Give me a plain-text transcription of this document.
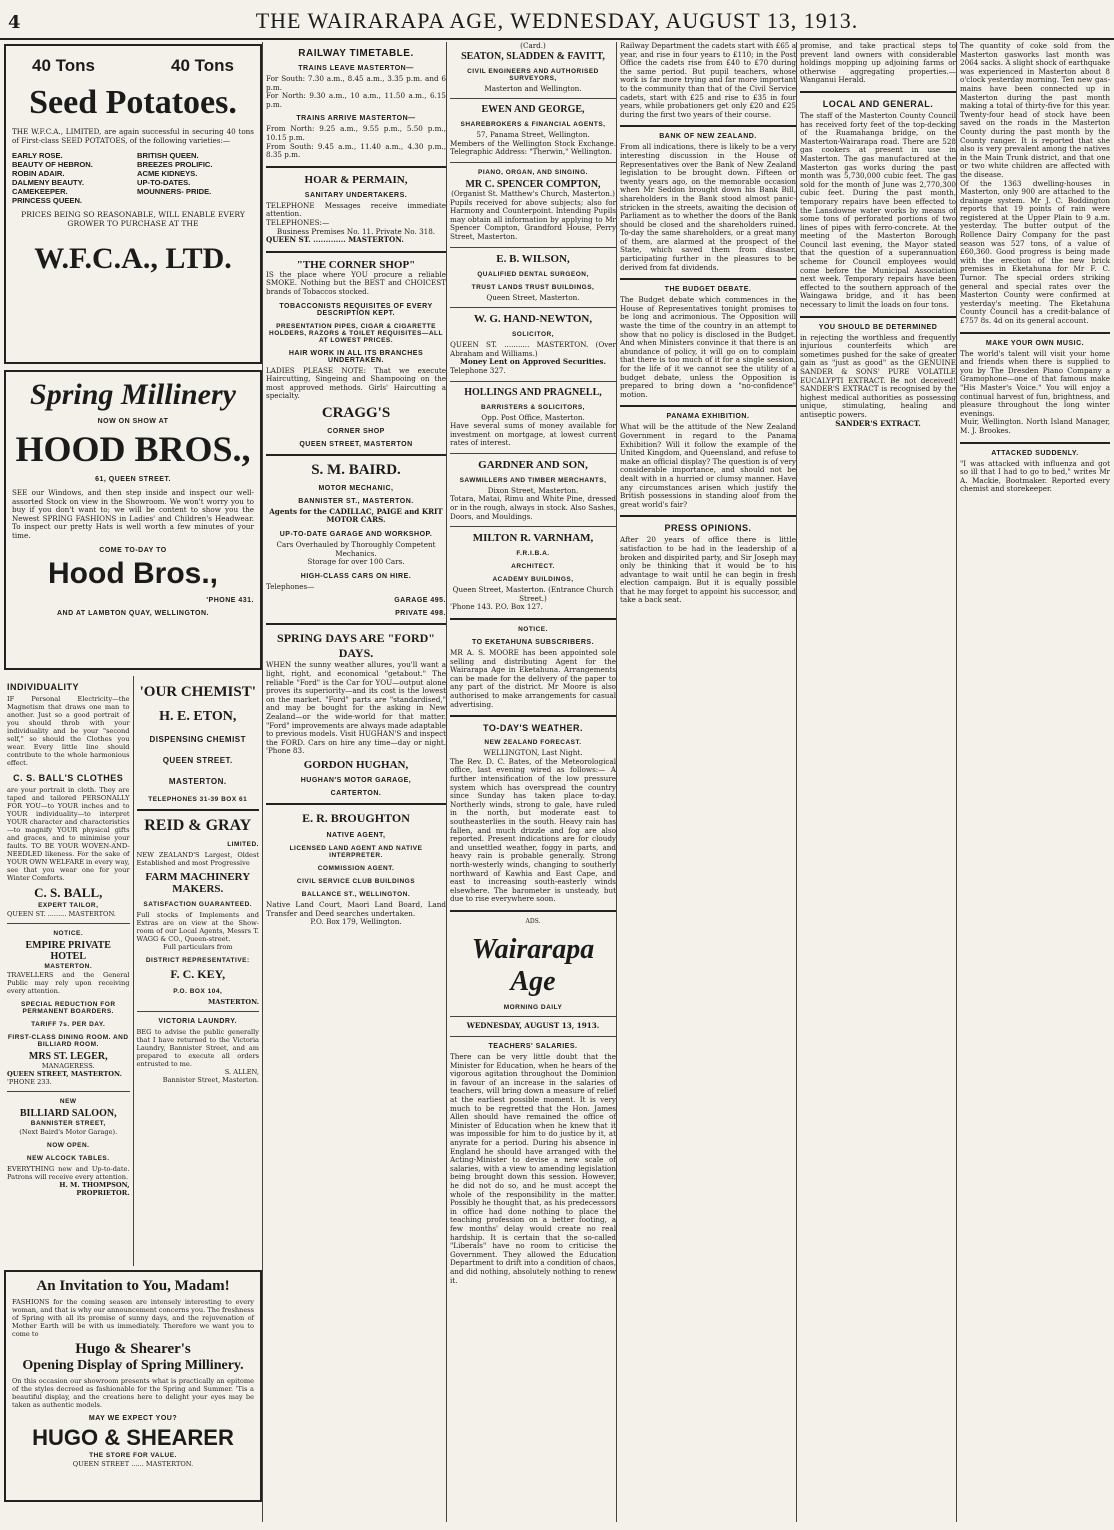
4	THE WAIRARAPA AGE, WEDNESDAY, AUGUST 13, 1913.
40 Tons	40 Tons
Seed Potatoes.
THE W.F.C.A., LIMITED, are again successful in securing 40 tons of First-class SEED POTATOES, of the following varieties:—
EARLY ROSE.
BEAUTY OF HEBRON.
ROBIN ADAIR.
DALMENY BEAUTY.
CAMEKEEPER.
PRINCESS QUEEN.
BRITISH QUEEN.
BREEZES PROLIFIC.
ACME KIDNEYS.
UP-TO-DATES.
MOUNNERS- PRIDE.
PRICES BEING SO REASONABLE, WILL ENABLE EVERY GROWER TO PURCHASE AT THE
W.F.C.A., LTD.
Spring Millinery
NOW ON SHOW AT
HOOD BROS.,
61, QUEEN STREET.
SEE our Windows, and then step inside and inspect our well-assorted Stock on view in the Showroom. We won't worry you to buy if you don't want to; we will be content to show you the Newest SPRING FASHIONS in Ladies' and Children's Headwear. To inspect our pretty Hats is well worth a few minutes of your time.
COME TO-DAY TO
Hood Bros.,
'PHONE 431.
AND AT LAMBTON QUAY, WELLINGTON.
INDIVIDUALITY
IF Personal Electricity—the Magnetism that draws one man to another. Just so a good portrait of you should throb with your individuality and be your "second self," so should the Clothes you wear. Every little line should contribute to the whole harmonious effect.
C. S. BALL'S CLOTHES
are your portrait in cloth. They are taped and tailored PERSONALLY FOR YOU—to YOUR inches and to YOUR individuality—to interpret YOUR character and characteristics—to magnify YOUR physical gifts and graces, and to minimise your faults. TO BE YOUR WOVEN-AND-NEEDLED likeness. For the sake of YOUR OWN WELFARE in every way, see that you wear one for your Winter Comforts.
C. S. BALL,
EXPERT TAILOR,
QUEEN ST. ......... MASTERTON.
NOTICE.
EMPIRE PRIVATE HOTEL
MASTERTON.
TRAVELLERS and the General Public may rely upon receiving every attention.
SPECIAL REDUCTION FOR PERMANENT BOARDERS.
TARIFF 7s. PER DAY.
FIRST-CLASS DINING ROOM. AND BILLIARD ROOM.
MRS ST. LEGER,
MANAGERESS.
QUEEN STREET, MASTERTON.
'PHONE 233.
NEW
BILLIARD SALOON,
BANNISTER STREET,
(Next Baird's Motor Garage).
NOW OPEN.
NEW ALCOCK TABLES.
EVERYTHING new and Up-to-date. Patrons will receive every attention.
H. M. THOMPSON, PROPRIETOR.
'OUR CHEMIST'
H. E. ETON,
DISPENSING CHEMIST
QUEEN STREET.
MASTERTON.
TELEPHONES 31-39 BOX 61
REID & GRAY
LIMITED.
NEW ZEALAND'S Largest, Oldest Established and most Progressive
FARM MACHINERY MAKERS.
SATISFACTION GUARANTEED.
Full stocks of Implements and Extras are on view at the Show-room of our Local Agents, Messrs T. WAGG & CO., Queen-street.
Full particulars from
DISTRICT REPRESENTATIVE:
F. C. KEY,
P.O. BOX 104,
MASTERTON.
VICTORIA LAUNDRY.
BEG to advise the public generally that I have returned to the Victoria Laundry, Bannister Street, and am prepared to execute all orders entrusted to me.
S. ALLEN,
Bannister Street, Masterton.
An Invitation to You, Madam!
FASHIONS for the coming season are intensely interesting to every woman, and that is why our announcement concerns you. The freshness of Spring with all its promise of sunny days, and the rejuvenation of Mother Earth will be with us immediately. Therefore we want you to come to
Hugo & Shearer's
Opening Display of Spring Millinery.
On this occasion our showroom presents what is practically an epitome of the styles decreed as fashionable for the Spring and Summer. 'Tis a beautiful display, and the creations here to delight your eyes may be taken as authentic models.
MAY WE EXPECT YOU?
HUGO & SHEARER
THE STORE FOR VALUE.
QUEEN STREET ...... MASTERTON.
RAILWAY TIMETABLE.
TRAINS LEAVE MASTERTON—
For South: 7.30 a.m., 8.45 a.m., 3.35 p.m. and 6 p.m.
For North: 9.30 a.m., 10 a.m., 11.50 a.m., 6.15 p.m.
TRAINS ARRIVE MASTERTON—
From North: 9.25 a.m., 9.55 p.m., 5.50 p.m., 10.15 p.m.
From South: 9.45 a.m., 11.40 a.m., 4.30 p.m., 8.35 p.m.
HOAR & PERMAIN,
SANITARY UNDERTAKERS.
TELEPHONE Messages receive immediate attention.
TELEPHONES:—
Business Premises No. 11. Private No. 318.
QUEEN ST. ............. MASTERTON.
"THE CORNER SHOP"
IS the place where YOU procure a reliable SMOKE. Nothing but the BEST and CHOICEST brands of Tobaccos stocked.
TOBACCONISTS REQUISITES OF EVERY DESCRIPTION KEPT.
PRESENTATION PIPES, CIGAR & CIGARETTE HOLDERS, RAZORS & TOILET REQUISITES—ALL AT LOWEST PRICES.
HAIR WORK IN ALL ITS BRANCHES UNDERTAKEN.
LADIES PLEASE NOTE: That we execute Haircutting, Singeing and Shampooing on the most approved methods. Girls' Haircutting a specialty.
CRAGG'S
CORNER SHOP
QUEEN STREET, MASTERTON
S. M. BAIRD.
MOTOR MECHANIC,
BANNISTER ST., MASTERTON.
Agents for the CADILLAC, PAIGE and KRIT MOTOR CARS.
UP-TO-DATE GARAGE AND WORKSHOP.
Cars Overhauled by Thoroughly Competent Mechanics.
Storage for over 100 Cars.
HIGH-CLASS CARS ON HIRE.
Telephones—
GARAGE 495.
PRIVATE 498.
SPRING DAYS ARE "FORD" DAYS.
WHEN the sunny weather allures, you'll want a light, right, and economical "getabout." The reliable "Ford" is the Car for YOU—output alone proves its superiority—and its cost is the lowest on the market. "Ford" parts are "standardised," and may be bought for the asking in New Zealand—or the wide-world for that matter. "Ford" improvements are always made adaptable to previous models. Visit HUGHAN'S and inspect the FORD. Cars on hire any time—day or night. 'Phone 83.
GORDON HUGHAN,
HUGHAN'S MOTOR GARAGE,
CARTERTON.
E. R. BROUGHTON
NATIVE AGENT,
LICENSED LAND AGENT AND NATIVE INTERPRETER.
COMMISSION AGENT.
CIVIL SERVICE CLUB BUILDINGS
BALLANCE ST., WELLINGTON.
Native Land Court, Maori Land Board, Land Transfer and Deed searches undertaken.
P.O. Box 179, Wellington.
(Card.)
SEATON, SLADDEN & FAVITT,
CIVIL ENGINEERS AND AUTHORISED SURVEYORS,
Masterton and Wellington.
EWEN AND GEORGE,
SHAREBROKERS & FINANCIAL AGENTS,
57, Panama Street, Wellington.
Members of the Wellington Stock Exchange. Telegraphic Address: "Therwin," Wellington.
PIANO, ORGAN, AND SINGING.
MR C. SPENCER COMPTON,
(Organist St. Matthew's Church, Masterton.)
Pupils received for above subjects; also for Harmony and Counterpoint. Intending Pupils may obtain all information by applying to Mr Spencer Compton, Grandford House, Perry Street, Masterton.
E. B. WILSON,
QUALIFIED DENTAL SURGEON,
TRUST LANDS TRUST BUILDINGS,
Queen Street, Masterton.
W. G. HAND-NEWTON,
SOLICITOR,
QUEEN ST. ........... MASTERTON. (Over Abraham and Williams.)
Money Lent on Approved Securities.
Telephone 327.
HOLLINGS AND PRAGNELL,
BARRISTERS & SOLICITORS,
Opp. Post Office, Masterton.
Have several sums of money available for investment on mortgage, at lowest current rates of interest.
GARDNER AND SON,
SAWMILLERS AND TIMBER MERCHANTS,
Dixon Street, Masterton.
Totara, Matai, Rimu and White Pine, dressed or in the rough, always in stock. Also Sashes, Doors, and Mouldings.
MILTON R. VARNHAM,
F.R.I.B.A.
ARCHITECT.
ACADEMY BUILDINGS,
Queen Street, Masterton. (Entrance Church Street.)
'Phone 143. P.O. Box 127.
NOTICE.
TO EKETAHUNA SUBSCRIBERS.
MR A. S. MOORE has been appointed sole selling and distributing Agent for the Wairarapa Age in Eketahuna. Arrangements can be made for the delivery of the paper to any part of the district. Mr Moore is also authorised to make arrangements for casual advertising.
TO-DAY'S WEATHER.
NEW ZEALAND FORECAST.
WELLINGTON, Last Night.
The Rev. D. C. Bates, of the Meteorological office, last evening wired as follows:— A further intensification of the low pressure system which has overspread the country since Sunday has taken place to-day. Northerly winds, strong to gale, have ruled in the north, but moderate east to southeasterlies in the south. Heavy rain has fallen, and much drizzle and fog are also reported. Present indications are for cloudy and unsettled weather, foggy in parts, and heavy rain is probable generally. Strong north-westerly winds, changing to southerly northward of Kawhia and East Cape, and east to increasing south-easterly winds elsewhere. The barometer is unsteady, but due to rise everywhere soon.
ADS.
Wairarapa Age
MORNING DAILY
WEDNESDAY, AUGUST 13, 1913.
TEACHERS' SALARIES.
There can be very little doubt that the Minister for Education, when he hears of the vigorous agitation throughout the Dominion in favour of an increase in the salaries of teachers, will bring down a measure of relief at the earliest possible moment. It is very much to be regretted that the Hon. James Allen should have remained the office of Minister of Education when he knew that it was impossible for him to do justice by it, at anyrate for a period. During his absence in England he should have arranged with the Acting-Minister to devise a new scale of salaries, with a view to amending legislation being brought down this session. However, he did not do so, and he must accept the whole of the responsibility in the matter. Possibly he thought that, as his predecessors in office had done nothing to place the teaching profession on a better footing, a few months' delay would create no real hardship. It is certain that the so-called "Liberals" have no room to criticise the Government. They allowed the Education Department to drift into a condition of chaos, and did nothing, absolutely nothing to renew it.
Railway Department the cadets start with £65 a year, and rise in four years to £110; in the Post Office the cadets rise from £40 to £70 during the same period. But pupil teachers, whose work is far more trying and far more important to the community than that of the Civil Service cadets, start with £25 and rise to £35 in four years, while probationers get only £20 and £25 during the first two years of their course.
BANK OF NEW ZEALAND.
From all indications, there is likely to be a very interesting discussion in the House of Representatives over the Bank of New Zealand legislation to be brought down. Fifteen or twenty years ago, on the memorable occasion when Mr Seddon brought down his Bank Bill, shareholders in the Bank stood almost panic-stricken in the streets, awaiting the decision of Parliament as to whether the doors of the Bank should be closed and the shareholders ruined. To-day the same shareholders, or a great many of them, are alarmed at the prospect of the State, which saved them from disaster, participating further in the pleasures to be derived from fat dividends.
THE BUDGET DEBATE.
The Budget debate which commences in the House of Representatives tonight promises to be long and acrimonious. The Opposition will waste the time of the country in an attempt to show that no policy is disclosed in the Budget. And when Ministers convince it that there is an abundance of policy, it will go on to complain that there is too much of it for a single session, for the life of it we cannot see the utility of a budget debate, unless the Opposition is prepared to bring down a "no-confidence" motion.
PANAMA EXHIBITION.
What will be the attitude of the New Zealand Government in regard to the Panama Exhibition? Will it follow the example of the United Kingdom, and Queensland, and refuse to make an official display? The question is of very considerable importance, and should not be dealt with in a hurried or clumsy manner. Have any circumstances arisen which justify the British possessions in standing aloof from the great world's fair?
PRESS OPINIONS.
After 20 years of office there is little satisfaction to be had in the leadership of a broken and dispirited party, and Sir Joseph may only be thinking that it would be to his advantage to wait until he can begin in fresh election campaign. But it is equally possible that he may forget to appoint his successor, and take a back seat.
promise, and take practical steps to prevent land owners with considerable holdings mopping up adjoining farms or otherwise aggregating properties.—Wanganui Herald.
LOCAL AND GENERAL.
The staff of the Masterton County Council has received forty feet of the top-decking of the Ruamahanga bridge, on the Masterton-Wairarapa road. There are 528 gas cookers at present in use in Masterton. The gas manufactured at the Masterton gas works during the past month was 5,730,000 cubic feet. The gas sold for the month of June was 2,770,300 cubic feet. During the past month, temporary repairs have been effected to the Lansdowne water works by means of some tons of perforated portions of two lines of pipes with ferro-concrete. At the meeting of the Masterton Borough Council last evening, the Mayor stated that the question of a superannuation scheme for Council employees would come before the Municipal Association next week. Temporary repairs have been effected to the southern approach of the Waingawa bridge, and it has been necessary to limit the loads on four tons.
YOU SHOULD BE DETERMINED
in rejecting the worthless and frequently injurious counterfeits which are sometimes pushed for the sake of greater gain as "just as good" as the GENUINE SANDER & SONS' PURE VOLATILE EUCALYPTI EXTRACT. Be not deceived! SANDER'S EXTRACT is recognised by the highest medical authorities as possessing unique, stimulating, healing and antiseptic powers.
SANDER'S EXTRACT.
The quantity of coke sold from the Masterton gasworks last month was 2064 sacks. A slight shock of earthquake was experienced in Masterton about 8 o'clock yesterday morning. Ten new gas-mains have been connected up in Masterton during the past month making a total of thirty-five for this year. Twenty-four head of stock have been saved on the roads in the Masterton County during the past month by the County ranger. It is reported that she also is very prevalent among the natives in the Main Trunk district, and that one or two white children are affected with the disease.
Of the 1363 dwelling-houses in Masterton, only 900 are attached to the drainage system. Mr J. C. Boddington reports that 19 points of rain were registered at the Upper Plain to 9 a.m. yesterday. The butter output of the Rollence Dairy Company for the past season was 527 tons, of a value of £60,360. Good progress is being made with the erection of the new brick premises in Eketahuna for Mr F. C. Turnor. The special orders striking general and special rates over the Masterton County were confirmed at yesterday's meeting. The Eketahuna County Council has a credit-balance of £757 8s. 4d on its general account.
MAKE YOUR OWN MUSIC.
The world's talent will visit your home and friends when there is supplied to you by The Dresden Piano Company a Gramophone—one of that famous make "His Master's Voice." You will enjoy a continual harvest of fun, brightness, and pleasure throughout the long winter evenings.
Muir, Wellington. North Island Manager, M. J. Brookes.
ATTACKED SUDDENLY.
"I was attacked with influenza and got so ill that I had to go to bed," writes Mr A. Mackie, Bootmaker. Reported every chemist and storekeeper.
